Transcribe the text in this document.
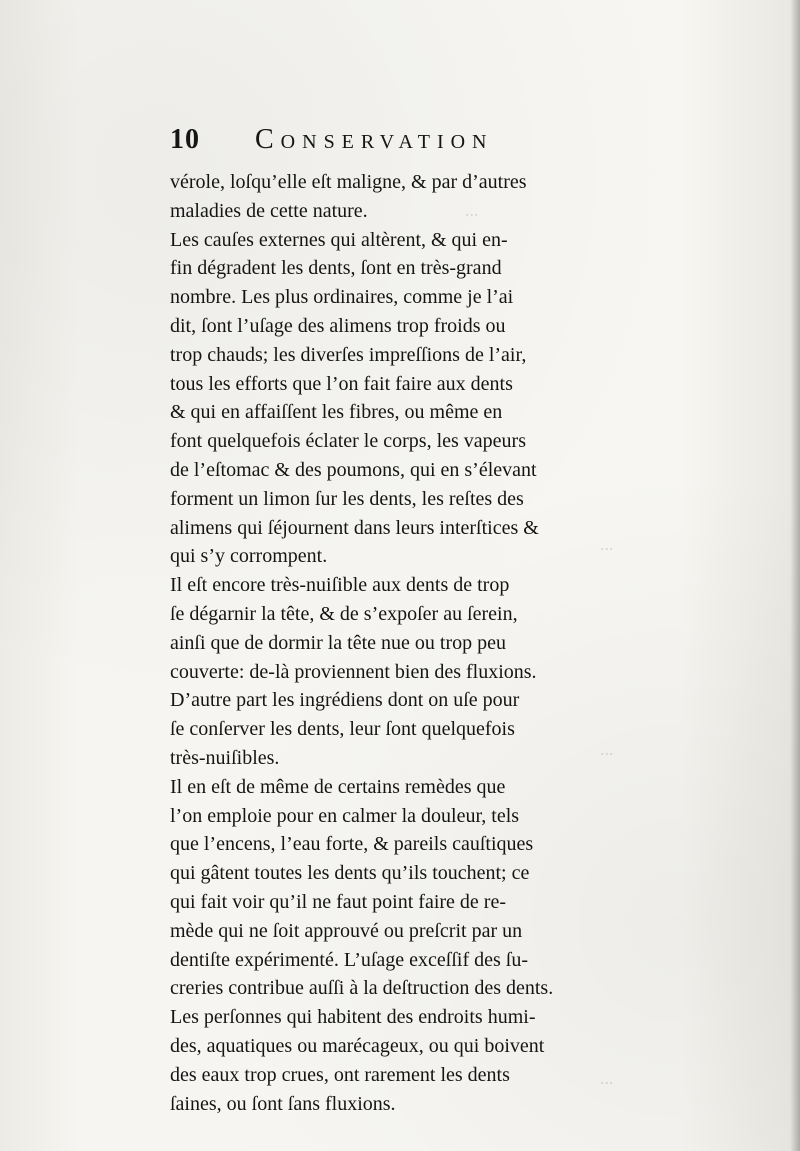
...
...
...
...
10 Conservation
vérole, loſqu’elle eſt maligne, & par d’autres
maladies de cette nature.
Les cauſes externes qui altèrent, & qui en-
fin dégradent les dents, ſont en très-grand
nombre. Les plus ordinaires, comme je l’ai
dit, ſont l’uſage des alimens trop froids ou
trop chauds; les diverſes impreſſions de l’air,
tous les efforts que l’on fait faire aux dents
& qui en affaiſſent les fibres, ou même en
font quelquefois éclater le corps, les vapeurs
de l’eſtomac & des poumons, qui en s’élevant
forment un limon ſur les dents, les reſtes des
alimens qui ſéjournent dans leurs interſtices &
qui s’y corrompent.
Il eſt encore très-nuiſible aux dents de trop
ſe dégarnir la tête, & de s’expoſer au ſerein,
ainſi que de dormir la tête nue ou trop peu
couverte: de-là proviennent bien des fluxions.
D’autre part les ingrédiens dont on uſe pour
ſe conſerver les dents, leur ſont quelquefois
très-nuiſibles.
Il en eſt de même de certains remèdes que
l’on emploie pour en calmer la douleur, tels
que l’encens, l’eau forte, & pareils cauſtiques
qui gâtent toutes les dents qu’ils touchent; ce
qui fait voir qu’il ne faut point faire de re-
mède qui ne ſoit approuvé ou preſcrit par un
dentiſte expérimenté. L’uſage exceſſif des ſu-
creries contribue auſſi à la deſtruction des dents.
Les perſonnes qui habitent des endroits humi-
des, aquatiques ou marécageux, ou qui boivent
des eaux trop crues, ont rarement les dents
ſaines, ou ſont ſans fluxions.
